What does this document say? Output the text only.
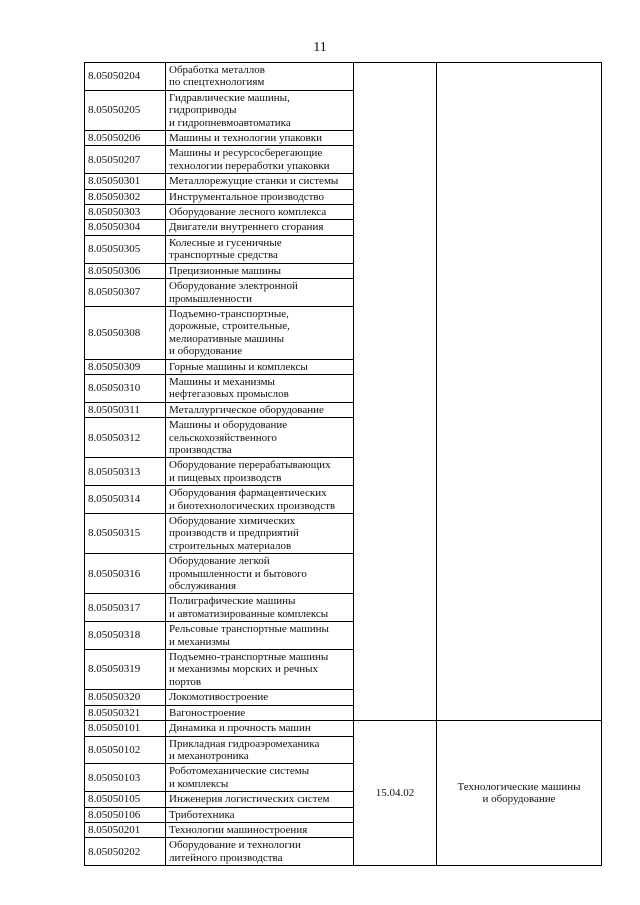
11
8.05050204	Обработка металлов
по спецтехнологиям		

8.05050205	Гидравлические машины,
гидроприводы
и гидропневмоавтоматика		

8.05050206	Машины и технологии упаковки		

8.05050207	Машины и ресурсосберегающие
технологии переработки упаковки		

8.05050301	Металлорежущие станки и системы		

8.05050302	Инструментальное производство		

8.05050303	Оборудование лесного комплекса		

8.05050304	Двигатели внутреннего сгорания		

8.05050305	Колесные и гусеничные
транспортные средства		

8.05050306	Прецизионные машины		

8.05050307	Оборудование электронной
промышленности		

8.05050308	Подъемно-транспортные,
дорожные, строительные,
мелиоративные машины
и оборудование		

8.05050309	Горные машины и комплексы		

8.05050310	Машины и механизмы
нефтегазовых промыслов		

8.05050311	Металлургическое оборудование		

8.05050312	Машины и оборудование
сельскохозяйственного
производства		

8.05050313	Оборудование перерабатывающих
и пищевых производств		

8.05050314	Оборудования фармацевтических
и биотехнологических производств		

8.05050315	Оборудование химических
производств и предприятий
строительных материалов		

8.05050316	Оборудование легкой
промышленности и бытового
обслуживания		

8.05050317	Полиграфические машины
и автоматизированные комплексы		

8.05050318	Рельсовые транспортные машины
и механизмы		

8.05050319	Подъемно-транспортные машины
и механизмы морских и речных
портов		

8.05050320	Локомотивостроение		

8.05050321	Вагоностроение		

8.05050101	Динамика и прочность машин	15.04.02	Технологические машины
и оборудование

8.05050102	Прикладная гидроаэромеханика
и механотроника		

8.05050103	Роботомеханические системы
и комплексы		

8.05050105	Инженерия логистических систем		

8.05050106	Триботехника		

8.05050201	Технологии машиностроения		

8.05050202	Оборудование и технологии
литейного производства		
